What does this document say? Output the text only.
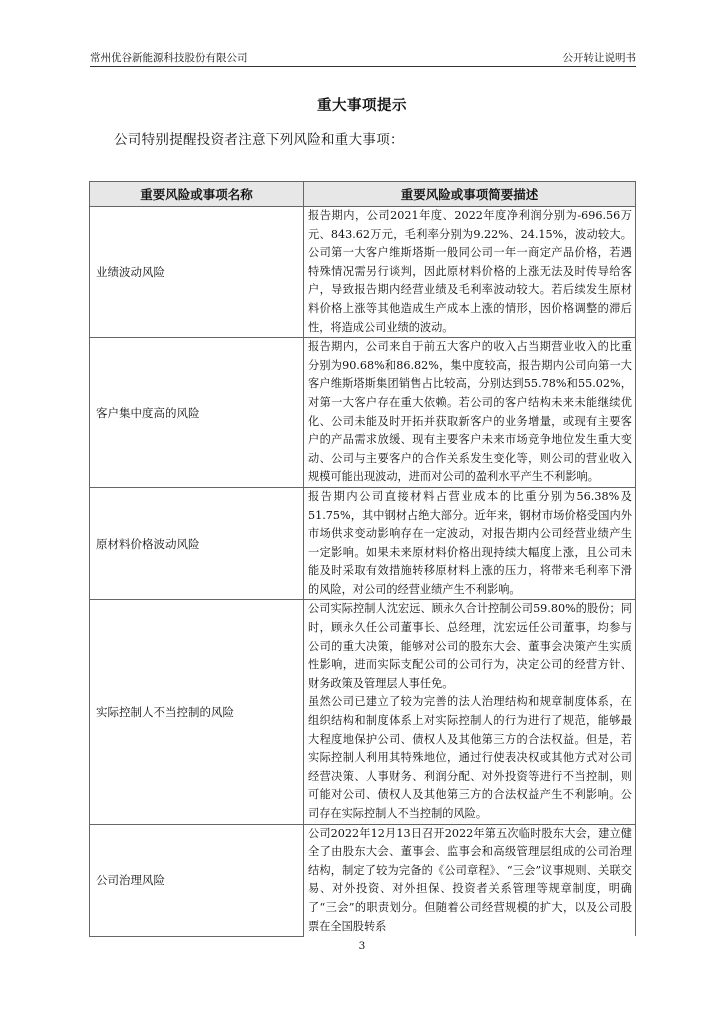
常州优谷新能源科技股份有限公司	公开转让说明书
重大事项提示
公司特别提醒投资者注意下列风险和重大事项：
重要风险或事项名称	重要风险或事项简要描述
业绩波动风险	报告期内，公司2021年度、2022年度净利润分别为-696.56万元、843.62万元，毛利率分别为9.22%、24.15%，波动较大。公司第一大客户维斯塔斯一般同公司一年一商定产品价格，若遇特殊情况需另行谈判，因此原材料价格的上涨无法及时传导给客户，导致报告期内经营业绩及毛利率波动较大。若后续发生原材料价格上涨等其他造成生产成本上涨的情形，因价格调整的滞后性，将造成公司业绩的波动。

客户集中度高的风险	报告期内，公司来自于前五大客户的收入占当期营业收入的比重分别为90.68%和86.82%，集中度较高，报告期内公司向第一大客户维斯塔斯集团销售占比较高，分别达到55.78%和55.02%，对第一大客户存在重大依赖。若公司的客户结构未来未能继续优化、公司未能及时开拓并获取新客户的业务增量，或现有主要客户的产品需求放缓、现有主要客户未来市场竞争地位发生重大变动、公司与主要客户的合作关系发生变化等，则公司的营业收入规模可能出现波动，进而对公司的盈利水平产生不利影响。

原材料价格波动风险	报告期内公司直接材料占营业成本的比重分别为56.38%及51.75%，其中钢材占绝大部分。近年来，钢材市场价格受国内外市场供求变动影响存在一定波动，对报告期内公司经营业绩产生一定影响。如果未来原材料价格出现持续大幅度上涨，且公司未能及时采取有效措施转移原材料上涨的压力，将带来毛利率下滑的风险，对公司的经营业绩产生不利影响。

实际控制人不当控制的风险	公司实际控制人沈宏远、顾永久合计控制公司59.80%的股份；同时，顾永久任公司董事长、总经理，沈宏远任公司董事，均参与公司的重大决策，能够对公司的股东大会、董事会决策产生实质性影响，进而实际支配公司的公司行为，决定公司的经营方针、财务政策及管理层人事任免。

虽然公司已建立了较为完善的法人治理结构和规章制度体系，在组织结构和制度体系上对实际控制人的行为进行了规范，能够最大程度地保护公司、债权人及其他第三方的合法权益。但是，若实际控制人利用其特殊地位，通过行使表决权或其他方式对公司经营决策、人事财务、利润分配、对外投资等进行不当控制，则可能对公司、债权人及其他第三方的合法权益产生不利影响。公司存在实际控制人不当控制的风险。

公司治理风险	公司2022年12月13日召开2022年第五次临时股东大会，建立健全了由股东大会、董事会、监事会和高级管理层组成的公司治理结构，制定了较为完备的《公司章程》、“三会”议事规则、关联交易、对外投资、对外担保、投资者关系管理等规章制度，明确了“三会”的职责划分。但随着公司经营规模的扩大，以及公司股票在全国股转系

3
